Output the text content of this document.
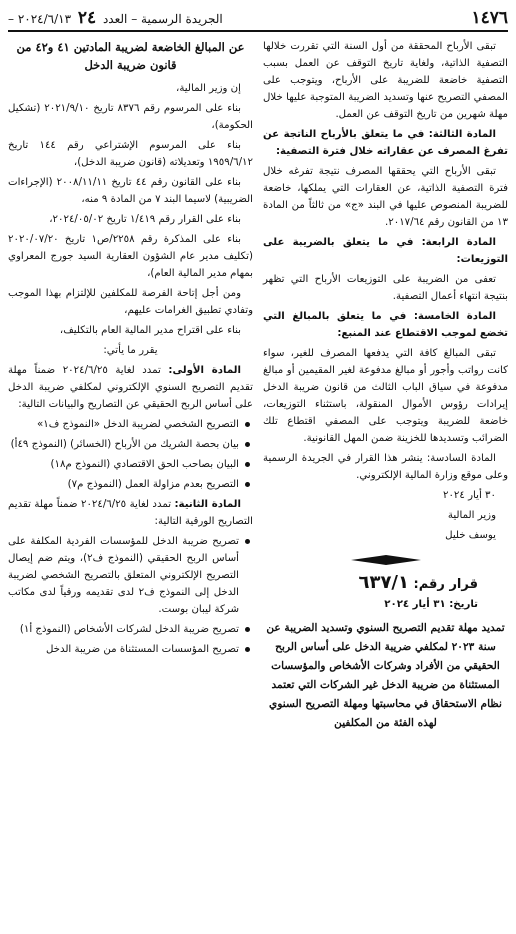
١٤٧٦
الجريدة الرسمية – العدد ٢٤ ٢٠٢٤/٦/١٣ –

تبقى الأرباح المحققة من أول السنة التي تقررت خلالها التصفية الذاتية، ولغاية تاريخ التوقف عن العمل بسبب التصفية خاضعة للضريبة على الأرباح، ويتوجب على المصفي التصريح عنها وتسديد الضريبة المتوجبة عليها خلال مهلة شهرين من تاريخ التوقف عن العمل.

المادة الثالثة: في ما يتعلق بالأرباح الناتجة عن تفرغ المصرف عن عقاراته خلال فترة التصفية:

تبقى الأرباح التي يحققها المصرف نتيجة تفرغه خلال فترة التصفية الذاتية، عن العقارات التي يملكها، خاضعة للضريبة المنصوص عليها في البند «ج» من ثالثاً من المادة ١٣ من القانون رقم ٢٠١٧/٦٤.

المادة الرابعة: في ما يتعلق بالضريبة على التوزيعات:

تعفى من الضريبة على التوزيعات الأرباح التي تظهر بنتيجة انتهاء أعمال التصفية.

المادة الخامسة: في ما يتعلق بالمبالغ التي تخضع لموجب الاقتطاع عند المنبع:

تبقى المبالغ كافة التي يدفعها المصرف للغير، سواء كانت رواتب وأجور أو مبالغ مدفوعة لغير المقيمين أو مبالغ مدفوعة في سياق الباب الثالث من قانون ضريبة الدخل إيرادات رؤوس الأموال المنقولة، باستثناء التوزيعات، خاضعة للضريبة ويتوجب على المصفي اقتطاع تلك الضرائب وتسديدها للخزينة ضمن المهل القانونية.

المادة السادسة: ينشر هذا القرار في الجريدة الرسمية وعلى موقع وزارة المالية الإلكتروني.

٣٠ أيار ٢٠٢٤

وزير المالية

يوسف خليل

قرار رقم: ٦٣٧/١

تاريخ: ٣١ أيار ٢٠٢٤

تمديد مهلة تقديم التصريح السنوي وتسديد الضريبة عن سنة ٢٠٢٣ لمكلفي ضريبة الدخل على أساس الربح الحقيقي من الأفراد وشركات الأشخاص والمؤسسات المستثناة من ضريبة الدخل غير الشركات التي تعتمد نظام الاستحقاق في محاسبتها ومهلة التصريح السنوي لهذه الفئة من المكلفين
عن المبالغ الخاضعة لضريبة المادتين ٤١ و٤٢ من قانون ضريبة الدخل

إن وزير المالية،

بناء على المرسوم رقم ٨٣٧٦ تاريخ ٢٠٢١/٩/١٠ (تشكيل الحكومة)،

بناء على المرسوم الإشتراعي رقم ١٤٤ تاريخ ١٩٥٩/٦/١٢ وتعديلاته (قانون ضريبة الدخل)،

بناء على القانون رقم ٤٤ تاريخ ٢٠٠٨/١١/١١ (الإجراءات الضريبية) لاسيما البند ٧ من المادة ٩ منه،

بناء على القرار رقم ١/٤١٩ تاريخ ٢٠٢٤/٠٥/٠٢،

بناء على المذكرة رقم ٢٢٥٨/ص١ تاريخ ٢٠٢٠/٠٧/٢٠ (تكليف مدير عام الشؤون العقارية السيد جورج المعراوي بمهام مدير المالية العام)،

ومن أجل إتاحة الفرصة للمكلفين للإلتزام بهذا الموجب وتفادي تطبيق الغرامات عليهم،

بناء على اقتراح مدير المالية العام بالتكليف،

يقرر ما يأتي:

المادة الأولى: تمدد لغاية ٢٠٢٤/٦/٢٥ ضمناً مهلة تقديم التصريح السنوي الإلكتروني لمكلفي ضريبة الدخل على أساس الربح الحقيقي عن التصاريح والبيانات التالية:

التصريح الشخصي لضريبة الدخل «النموذج ف١»
بيان بحصة الشريك من الأرباح (الخسائر) (النموذج ٤٩أ)
البيان بصاحب الحق الاقتصادي (النموذج م١٨)
التصريح بعدم مزاولة العمل (النموذج م٧)

المادة الثانية: تمدد لغاية ٢٠٢٤/٦/٢٥ ضمناً مهلة تقديم التصاريح الورقية التالية:

تصريح ضريبة الدخل للمؤسسات الفردية المكلفة على أساس الربح الحقيقي (النموذج ف٢)، ويتم ضم إيصال التصريح الإلكتروني المتعلق بالتصريح الشخصي لضريبة الدخل إلى النموذج ف٢ لدى تقديمه ورقياً لدى مكاتب شركة ليبان بوست.
تصريح ضريبة الدخل لشركات الأشخاص (النموذج أ١)
تصريح المؤسسات المستثناة من ضريبة الدخل
